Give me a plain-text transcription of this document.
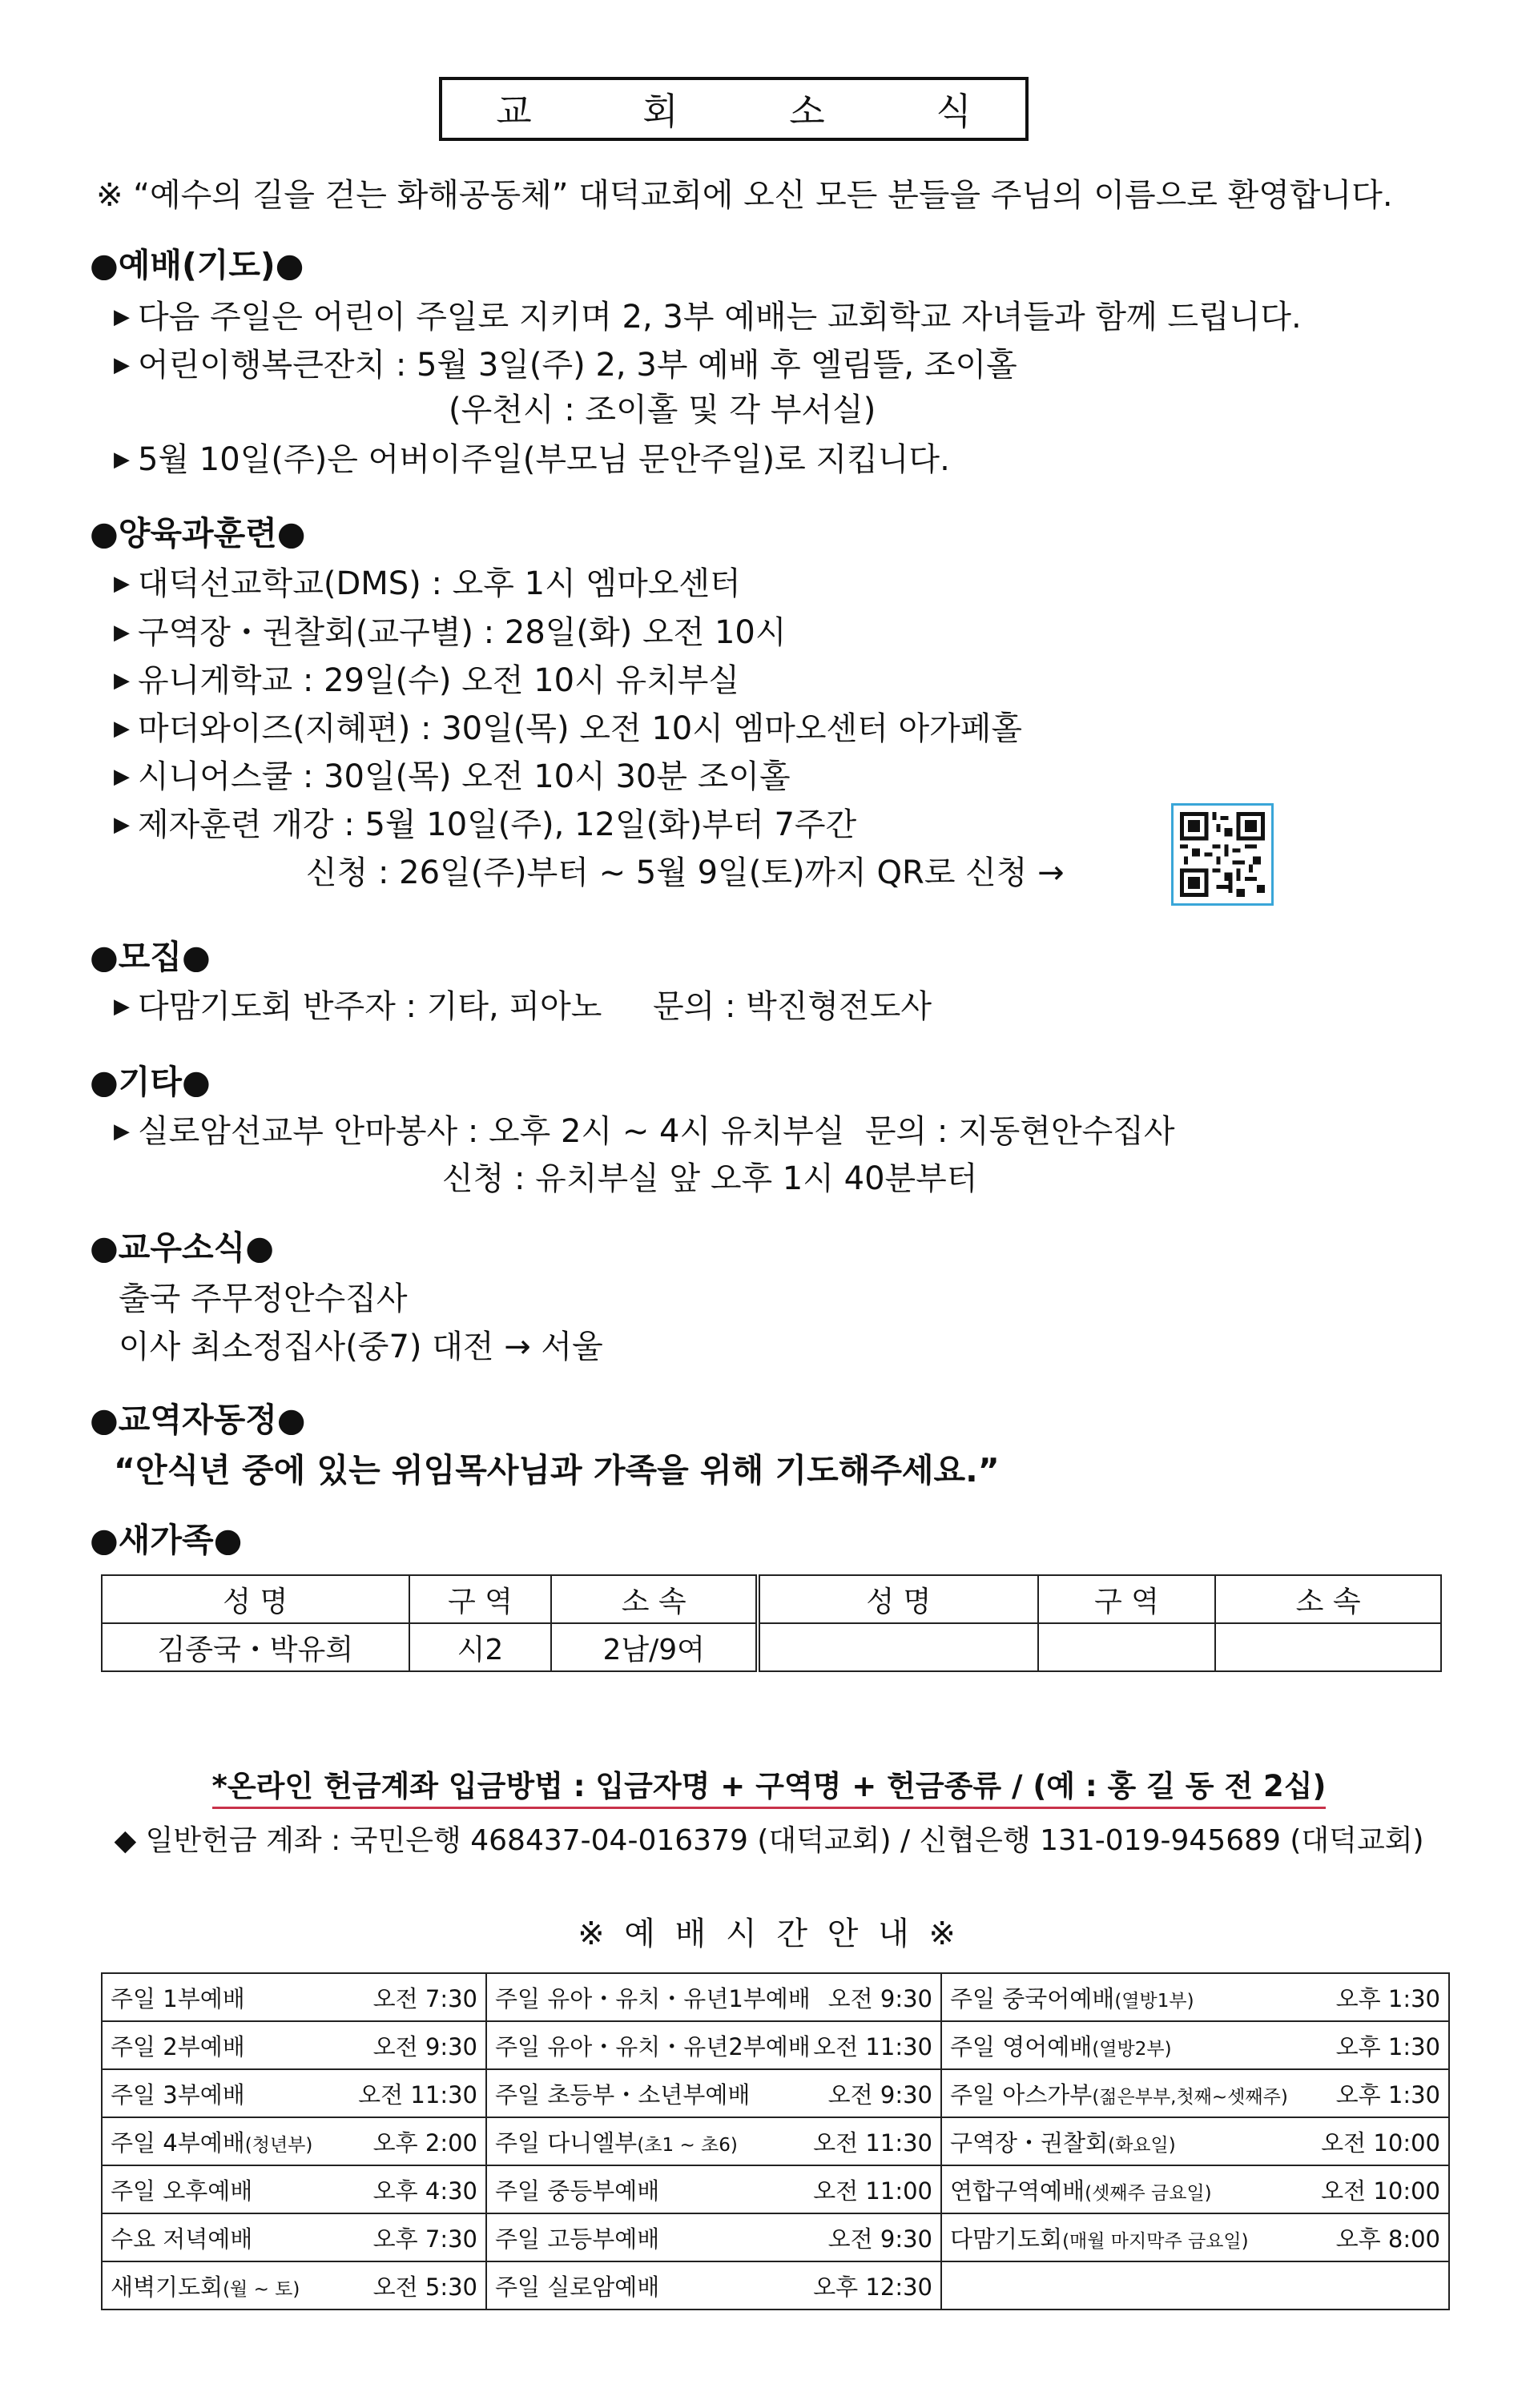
교 회 소 식
※ “예수의 길을 걷는 화해공동체” 대덕교회에 오신 모든 분들을 주님의 이름으로 환영합니다.
●예배(기도)●
▶ 다음 주일은 어린이 주일로 지키며 2, 3부 예배는 교회학교 자녀들과 함께 드립니다.
▶ 어린이행복큰잔치 : 5월 3일(주) 2, 3부 예배 후 엘림뜰, 조이홀
(우천시 : 조이홀 및 각 부서실)
▶ 5월 10일(주)은 어버이주일(부모님 문안주일)로 지킵니다.
●양육과훈련●
▶ 대덕선교학교(DMS) : 오후 1시 엠마오센터
▶ 구역장・권찰회(교구별) : 28일(화) 오전 10시
▶ 유니게학교 : 29일(수) 오전 10시 유치부실
▶ 마더와이즈(지혜편) : 30일(목) 오전 10시 엠마오센터 아가페홀
▶ 시니어스쿨 : 30일(목) 오전 10시 30분 조이홀
▶ 제자훈련 개강 : 5월 10일(주), 12일(화)부터 7주간
신청 : 26일(주)부터 ~ 5월 9일(토)까지 QR로 신청 →
●모집●
▶ 다맘기도회 반주자 : 기타, 피아노     문의 : 박진형전도사
●기타●
▶ 실로암선교부 안마봉사 : 오후 2시 ~ 4시 유치부실  문의 : 지동현안수집사
신청 : 유치부실 앞 오후 1시 40분부터
●교우소식●
출국 주무정안수집사
이사 최소정집사(중7) 대전 → 서울
●교역자동정●
“안식년 중에 있는 위임목사님과 가족을 위해 기도해주세요.”
●새가족●
성 명	구 역	소 속	성 명	구 역	소 속
김종국・박유희	시2	2남/9여			
*온라인 헌금계좌 입금방법 : 입금자명 + 구역명 + 헌금종류 / (예 : 홍 길 동 전 2십)
◆ 일반헌금 계좌 : 국민은행 468437-04-016379 (대덕교회) / 신협은행 131-019-945689 (대덕교회)
※ 예 배 시 간 안 내 ※
주일 1부예배 오전 7:30	주일 유아・유치・유년1부예배 오전 9:30	주일 중국어예배(열방1부) 오후 1:30

주일 2부예배 오전 9:30	주일 유아・유치・유년2부예배 오전 11:30	주일 영어예배(열방2부) 오후 1:30

주일 3부예배 오전 11:30	주일 초등부・소년부예배 오전 9:30	주일 아스가부(젊은부부,첫째~셋째주) 오후 1:30

주일 4부예배(청년부) 오후 2:00	주일 다니엘부(초1 ~ 초6) 오전 11:30	구역장・권찰회(화요일) 오전 10:00

주일 오후예배 오후 4:30	주일 중등부예배 오전 11:00	연합구역예배(셋째주 금요일) 오전 10:00

수요 저녁예배 오후 7:30	주일 고등부예배 오전 9:30	다맘기도회(매월 마지막주 금요일) 오후 8:00

새벽기도회(월 ~ 토) 오전 5:30	주일 실로암예배 오후 12:30	
